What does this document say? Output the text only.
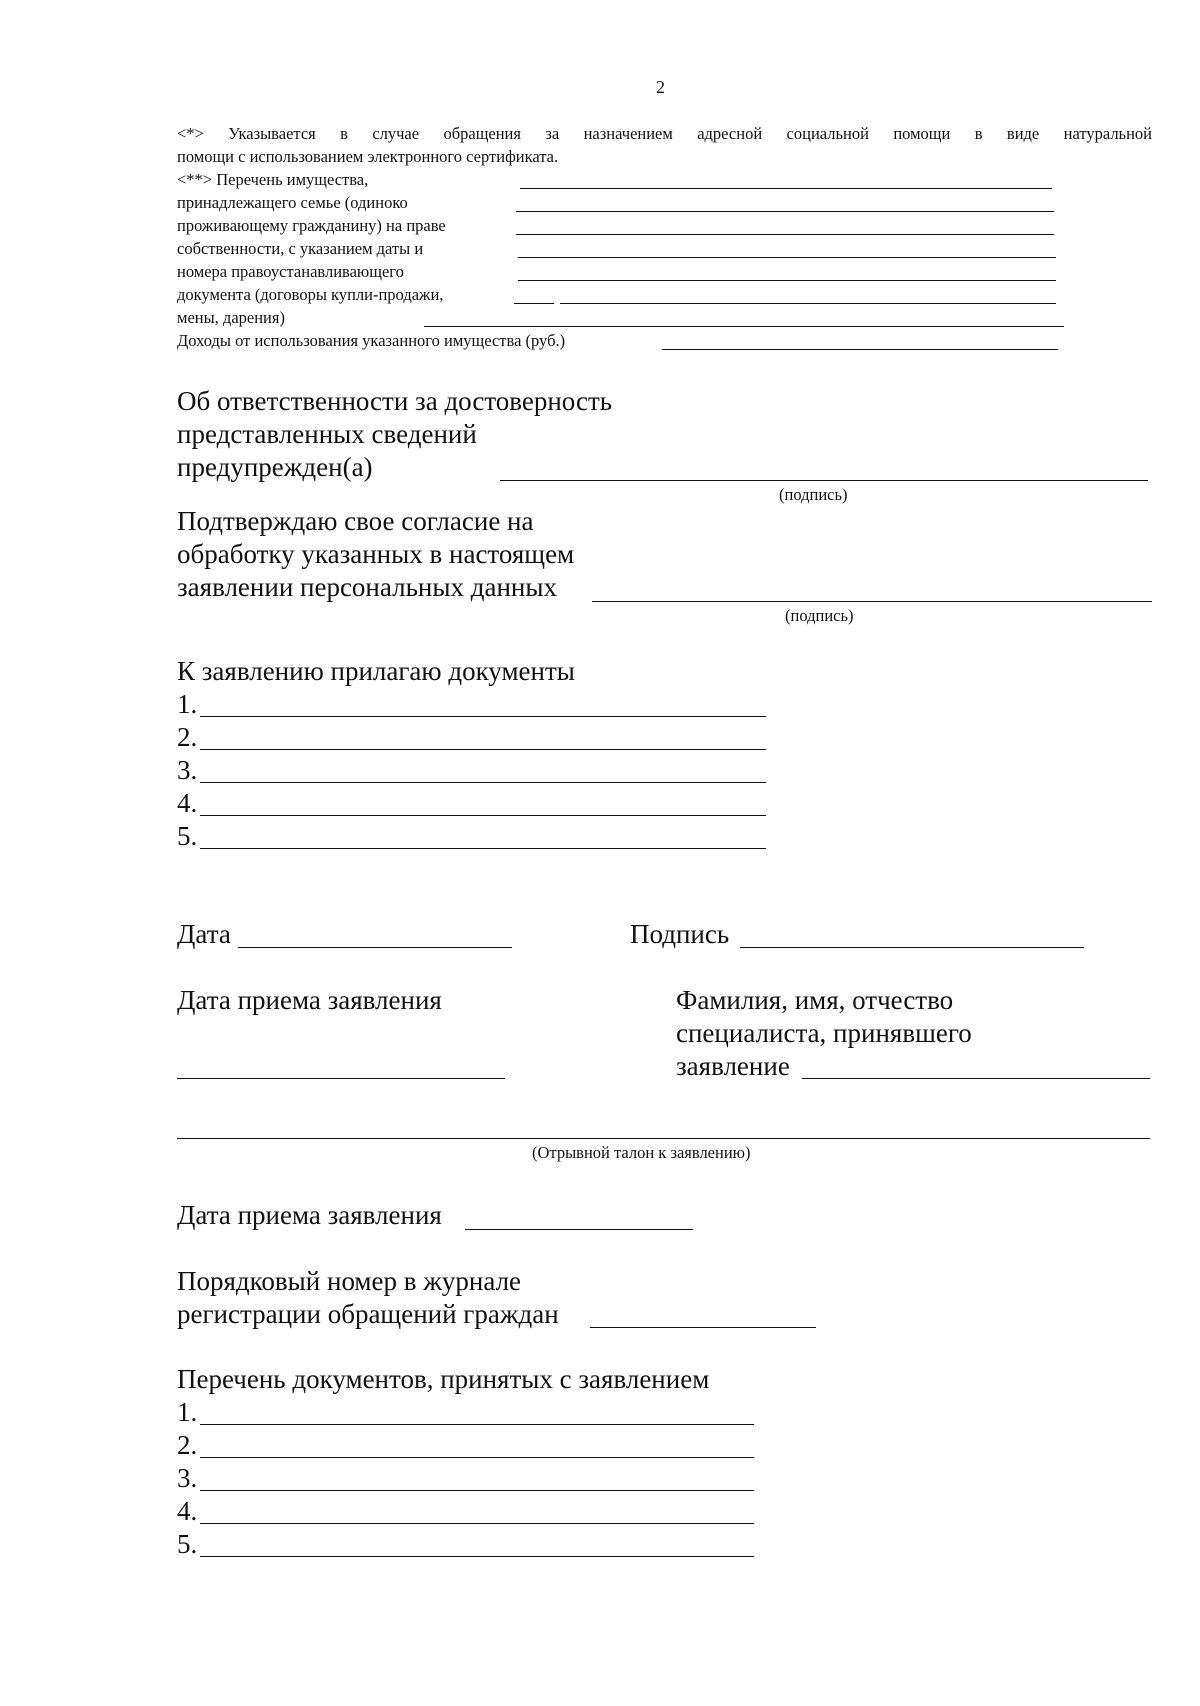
2
<*> Указывается в случае обращения за назначением адресной социальной помощи в виде натуральной
помощи с использованием электронного сертификата.
<**> Перечень имущества,
принадлежащего семье (одиноко
проживающему гражданину) на праве
собственности, с указанием даты и
номера правоустанавливающего
документа (договоры купли-продажи,
мены, дарения)
Доходы от использования указанного имущества (руб.)
Об ответственности за достоверность
представленных сведений
предупрежден(а)
(подпись)
Подтверждаю свое согласие на
обработку указанных в настоящем
заявлении персональных данных
(подпись)
К заявлению прилагаю документы
1.
2.
3.
4.
5.
Дата	Подпись
Дата приема заявления	Фамилия, имя, отчество
специалиста, принявшего
заявление
(Отрывной талон к заявлению)
Дата приема заявления
Порядковый номер в журнале
регистрации обращений граждан
Перечень документов, принятых с заявлением
1.
2.
3.
4.
5.
